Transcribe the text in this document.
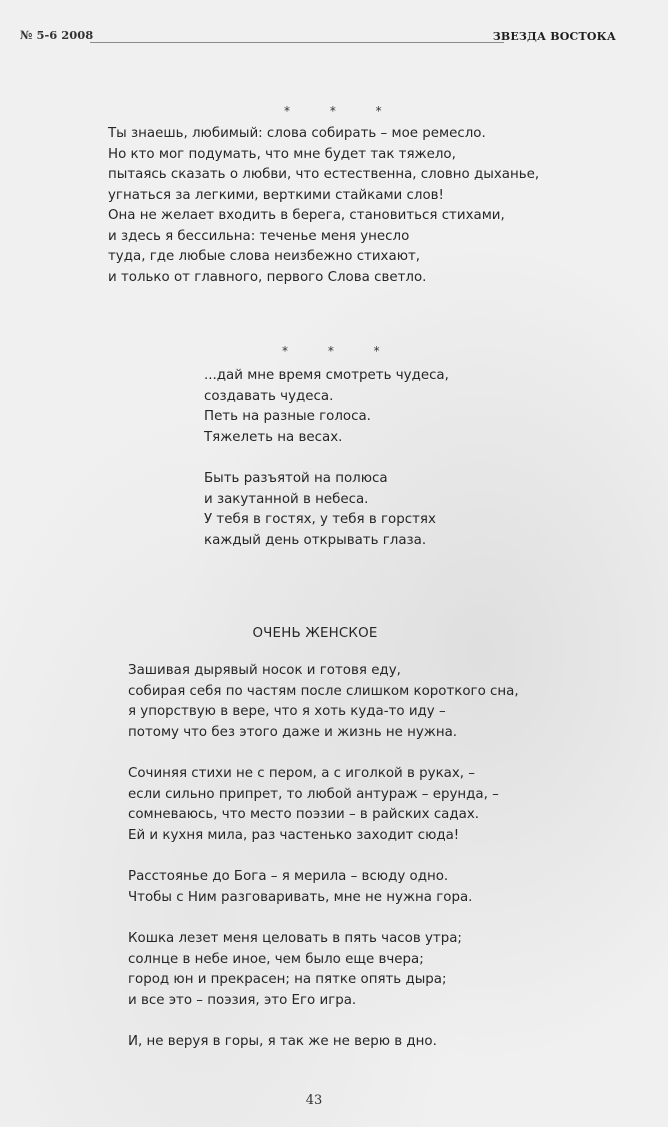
№ 5-6 2008	ЗВЕЗДА ВОСТОКА
* * *
Ты знаешь, любимый: слова собирать – мое ремесло.
Но кто мог подумать, что мне будет так тяжело,
пытаясь сказать о любви, что естественна, словно дыханье,
угнаться за легкими, верткими стайками слов!
Она не желает входить в берега, становиться стихами,
и здесь я бессильна: теченье меня унесло
туда, где любые слова неизбежно стихают,
и только от главного, первого Слова светло.
* * *
...дай мне время смотреть чудеса,
создавать чудеса.
Петь на разные голоса.
Тяжелеть на весах.
Быть разъятой на полюса
и закутанной в небеса.
У тебя в гостях, у тебя в горстях
каждый день открывать глаза.
ОЧЕНЬ ЖЕНСКОЕ
Зашивая дырявый носок и готовя еду,
собирая себя по частям после слишком короткого сна,
я упорствую в вере, что я хоть куда-то иду –
потому что без этого даже и жизнь не нужна.
Сочиняя стихи не с пером, а с иголкой в руках, –
если сильно припрет, то любой антураж – ерунда, –
сомневаюсь, что место поэзии – в райских садах.
Ей и кухня мила, раз частенько заходит сюда!
Расстоянье до Бога – я мерила – всюду одно.
Чтобы с Ним разговаривать, мне не нужна гора.
Кошка лезет меня целовать в пять часов утра;
солнце в небе иное, чем было еще вчера;
город юн и прекрасен; на пятке опять дыра;
и все это – поэзия, это Его игра.
И, не веруя в горы, я так же не верю в дно.
43
